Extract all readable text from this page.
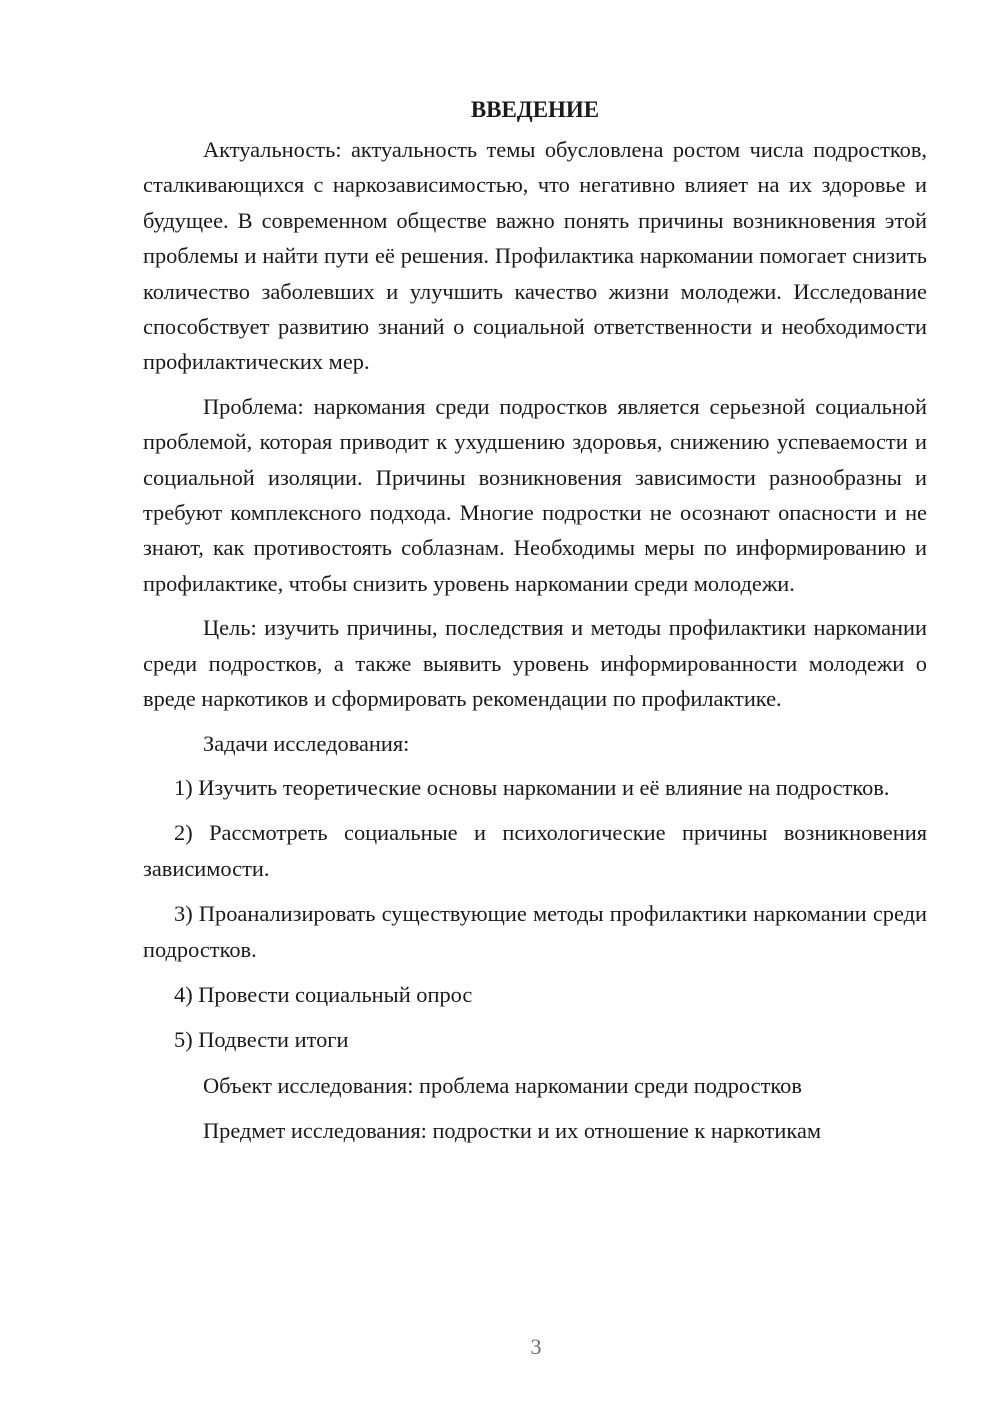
ВВЕДЕНИЕ

Актуальность: актуальность темы обусловлена ростом числа подростков, сталкивающихся с наркозависимостью, что негативно влияет на их здоровье и будущее. В современном обществе важно понять причины возникновения этой проблемы и найти пути её решения. Профилактика наркомании помогает снизить количество заболевших и улучшить качество жизни молодежи. Исследование способствует развитию знаний о социальной ответственности и необходимости профилактических мер.

Проблема: наркомания среди подростков является серьезной социальной проблемой, которая приводит к ухудшению здоровья, снижению успеваемости и социальной изоляции. Причины возникновения зависимости разнообразны и требуют комплексного подхода. Многие подростки не осознают опасности и не знают, как противостоять соблазнам. Необходимы меры по информированию и профилактике, чтобы снизить уровень наркомании среди молодежи.

Цель: изучить причины, последствия и методы профилактики наркомании среди подростков, а также выявить уровень информированности молодежи о вреде наркотиков и сформировать рекомендации по профилактике.

Задачи исследования:

1) Изучить теоретические основы наркомании и её влияние на подростков.

2) Рассмотреть социальные и психологические причины возникновения зависимости.

3) Проанализировать существующие методы профилактики наркомании среди подростков.

4) Провести социальный опрос

5) Подвести итоги

Объект исследования: проблема наркомании среди подростков

Предмет исследования: подростки и их отношение к наркотикам

3
